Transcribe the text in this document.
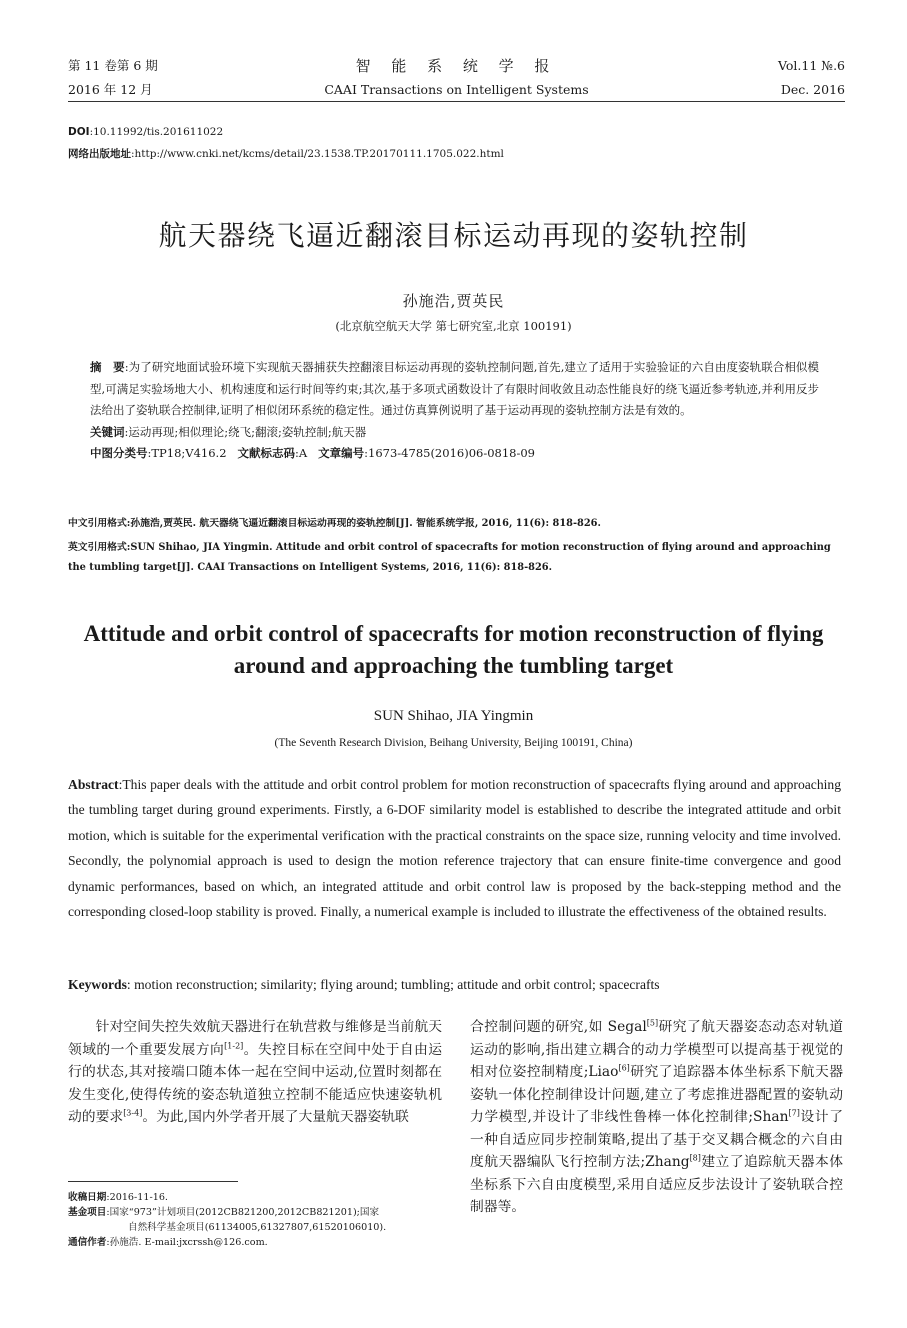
第 11 卷第 6 期	智 能 系 统 学 报	Vol.11 №.6
2016 年 12 月	CAAI Transactions on Intelligent Systems	Dec. 2016
DOI:10.11992/tis.201611022
网络出版地址:http://www.cnki.net/kcms/detail/23.1538.TP.20170111.1705.022.html
航天器绕飞逼近翻滚目标运动再现的姿轨控制
孙施浩,贾英民
(北京航空航天大学 第七研究室,北京 100191)
摘　要:为了研究地面试验环境下实现航天器捕获失控翻滚目标运动再现的姿轨控制问题,首先,建立了适用于实验验证的六自由度姿轨联合相似模型,可满足实验场地大小、机构速度和运行时间等约束;其次,基于多项式函数设计了有限时间收敛且动态性能良好的绕飞逼近参考轨迹,并利用反步法给出了姿轨联合控制律,证明了相似闭环系统的稳定性。通过仿真算例说明了基于运动再现的姿轨控制方法是有效的。
关键词:运动再现;相似理论;绕飞;翻滚;姿轨控制;航天器
中图分类号:TP18;V416.2 文献标志码:A 文章编号:1673-4785(2016)06-0818-09
中文引用格式:孙施浩,贾英民. 航天器绕飞逼近翻滚目标运动再现的姿轨控制[J]. 智能系统学报, 2016, 11(6): 818-826.
英文引用格式:SUN Shihao, JIA Yingmin. Attitude and orbit control of spacecrafts for motion reconstruction of flying around and approaching the tumbling target[J]. CAAI Transactions on Intelligent Systems, 2016, 11(6): 818-826.
Attitude and orbit control of spacecrafts for motion reconstruction of flying around and approaching the tumbling target
SUN Shihao, JIA Yingmin
(The Seventh Research Division, Beihang University, Beijing 100191, China)
Abstract:This paper deals with the attitude and orbit control problem for motion reconstruction of spacecrafts flying around and approaching the tumbling target during ground experiments. Firstly, a 6-DOF similarity model is established to describe the integrated attitude and orbit motion, which is suitable for the experimental verification with the practical constraints on the space size, running velocity and time involved. Secondly, the polynomial approach is used to design the motion reference trajectory that can ensure finite-time convergence and good dynamic performances, based on which, an integrated attitude and orbit control law is proposed by the back-stepping method and the corresponding closed-loop stability is proved. Finally, a numerical example is included to illustrate the effectiveness of the obtained results.
Keywords: motion reconstruction; similarity; flying around; tumbling; attitude and orbit control; spacecrafts

针对空间失控失效航天器进行在轨营救与维修是当前航天领域的一个重要发展方向[1-2]。失控目标在空间中处于自由运行的状态,其对接端口随本体一起在空间中运动,位置时刻都在发生变化,使得传统的姿态轨道独立控制不能适应快速姿轨机动的要求[3-4]。为此,国内外学者开展了大量航天器姿轨联

合控制问题的研究,如 Segal[5]研究了航天器姿态动态对轨道运动的影响,指出建立耦合的动力学模型可以提高基于视觉的相对位姿控制精度;Liao[6]研究了追踪器本体坐标系下航天器姿轨一体化控制律设计问题,建立了考虑推进器配置的姿轨动力学模型,并设计了非线性鲁棒一体化控制律;Shan[7]设计了一种自适应同步控制策略,提出了基于交叉耦合概念的六自由度航天器编队飞行控制方法;Zhang[8]建立了追踪航天器本体坐标系下六自由度模型,采用自适应反步法设计了姿轨联合控制器等。

收稿日期:2016-11-16.
基金项目:国家“973”计划项目(2012CB821200,2012CB821201);国家
自然科学基金项目(61134005,61327807,61520106010).
通信作者:孙施浩. E-mail:jxcrssh@126.com.
